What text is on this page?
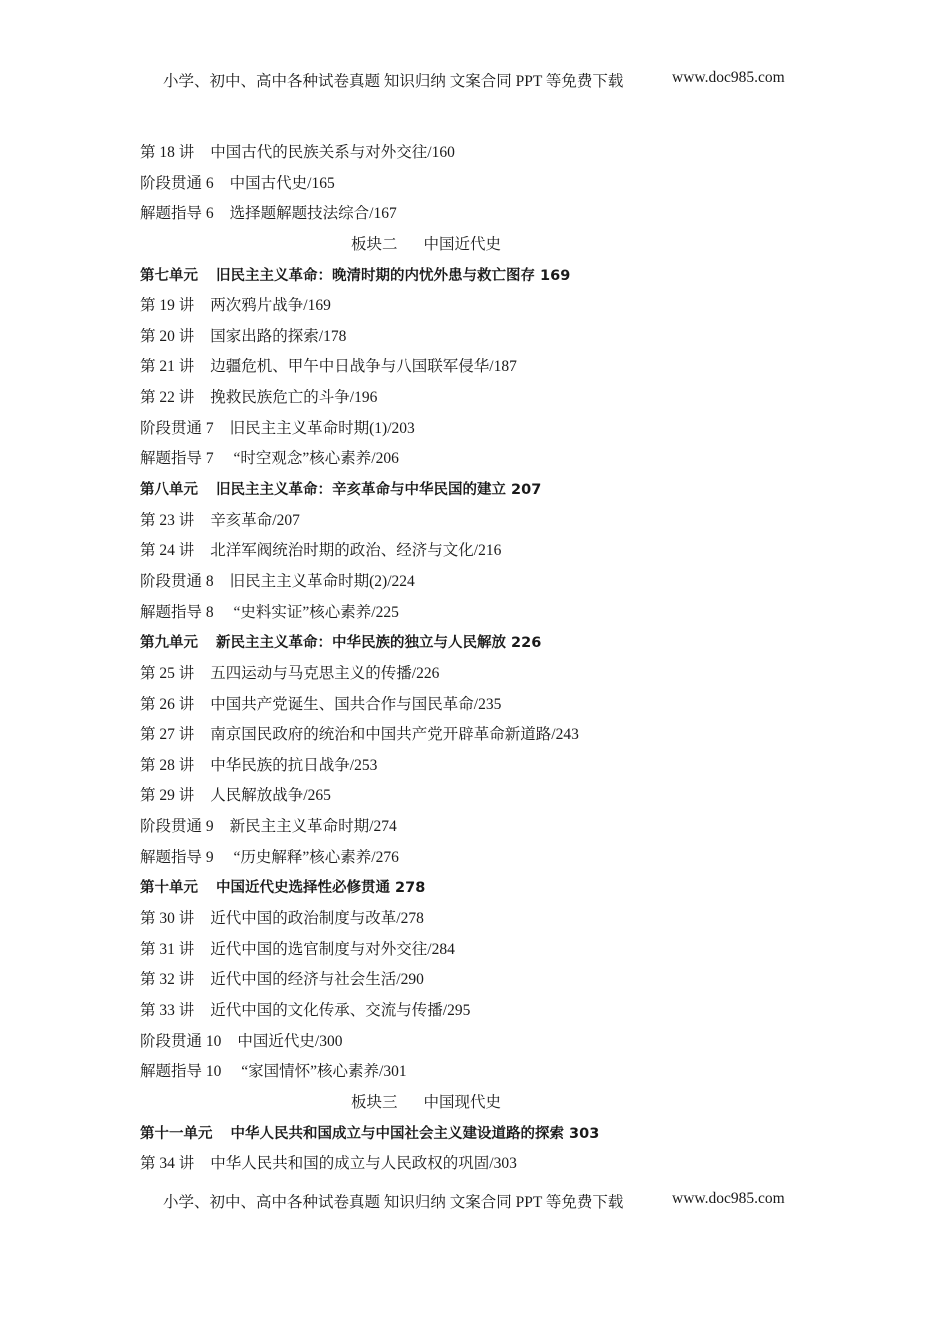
小学、初中、高中各种试卷真题 知识归纳 文案合同 PPT 等免费下载	www.doc985.com
第 18 讲 中国古代的民族关系与对外交往/160
阶段贯通 6 中国古代史/165
解题指导 6 选择题解题技法综合/167
板块二 中国近代史
第七单元 旧民主主义革命：晚清时期的内忧外患与救亡图存 169
第 19 讲 两次鸦片战争/169
第 20 讲 国家出路的探索/178
第 21 讲 边疆危机、甲午中日战争与八国联军侵华/187
第 22 讲 挽救民族危亡的斗争/196
阶段贯通 7 旧民主主义革命时期(1)/203
解题指导 7 “时空观念”核心素养/206
第八单元 旧民主主义革命：辛亥革命与中华民国的建立 207
第 23 讲 辛亥革命/207
第 24 讲 北洋军阀统治时期的政治、经济与文化/216
阶段贯通 8 旧民主主义革命时期(2)/224
解题指导 8 “史料实证”核心素养/225
第九单元 新民主主义革命：中华民族的独立与人民解放 226
第 25 讲 五四运动与马克思主义的传播/226
第 26 讲 中国共产党诞生、国共合作与国民革命/235
第 27 讲 南京国民政府的统治和中国共产党开辟革命新道路/243
第 28 讲 中华民族的抗日战争/253
第 29 讲 人民解放战争/265
阶段贯通 9 新民主主义革命时期/274
解题指导 9 “历史解释”核心素养/276
第十单元 中国近代史选择性必修贯通 278
第 30 讲 近代中国的政治制度与改革/278
第 31 讲 近代中国的选官制度与对外交往/284
第 32 讲 近代中国的经济与社会生活/290
第 33 讲 近代中国的文化传承、交流与传播/295
阶段贯通 10 中国近代史/300
解题指导 10 “家国情怀”核心素养/301
板块三 中国现代史
第十一单元 中华人民共和国成立与中国社会主义建设道路的探索 303
第 34 讲 中华人民共和国的成立与人民政权的巩固/303
小学、初中、高中各种试卷真题 知识归纳 文案合同 PPT 等免费下载	www.doc985.com
